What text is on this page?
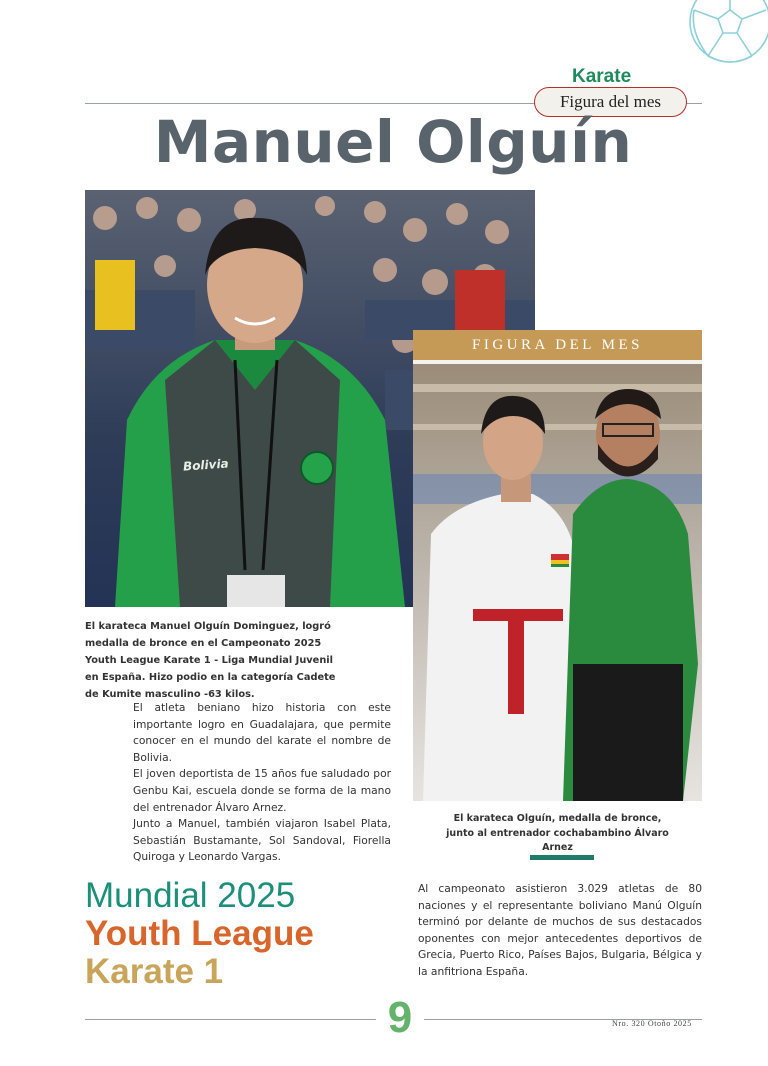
Karate
Figura del mes
Manuel Olguín
Bolivia
FIGURA DEL MES
El karateca Manuel Olguín Dominguez, logró medalla de bronce en el Campeonato 2025 Youth League Karate 1 - Liga Mundial Juvenil en España. Hizo podio en la categoría Cadete de Kumite masculino -63 kilos.

El atleta beniano hizo historia con este importante logro en Guadalajara, que permite conocer en el mundo del karate el nombre de Bolivia.

El joven deportista de 15 años fue saludado por Genbu Kai, escuela donde se forma de la mano del entrenador Álvaro Arnez.

Junto a Manuel, también viajaron Isabel Plata, Sebastián Bustamante, Sol Sandoval, Fiorella Quiroga y Leonardo Vargas.

El karateca Olguín, medalla de bronce, junto al entrenador cochabambino Álvaro Arnez
Mundial 2025
Youth League
Karate 1
Al campeonato asistieron 3.029 atletas de 80 naciones y el representante boliviano Manú Olguín terminó por delante de muchos de sus destacados oponentes con mejor antecedentes deportivos de Grecia, Puerto Rico, Países Bajos, Bulgaria, Bélgica y la anfitriona España.
9	Nro. 320 Otoño 2025
